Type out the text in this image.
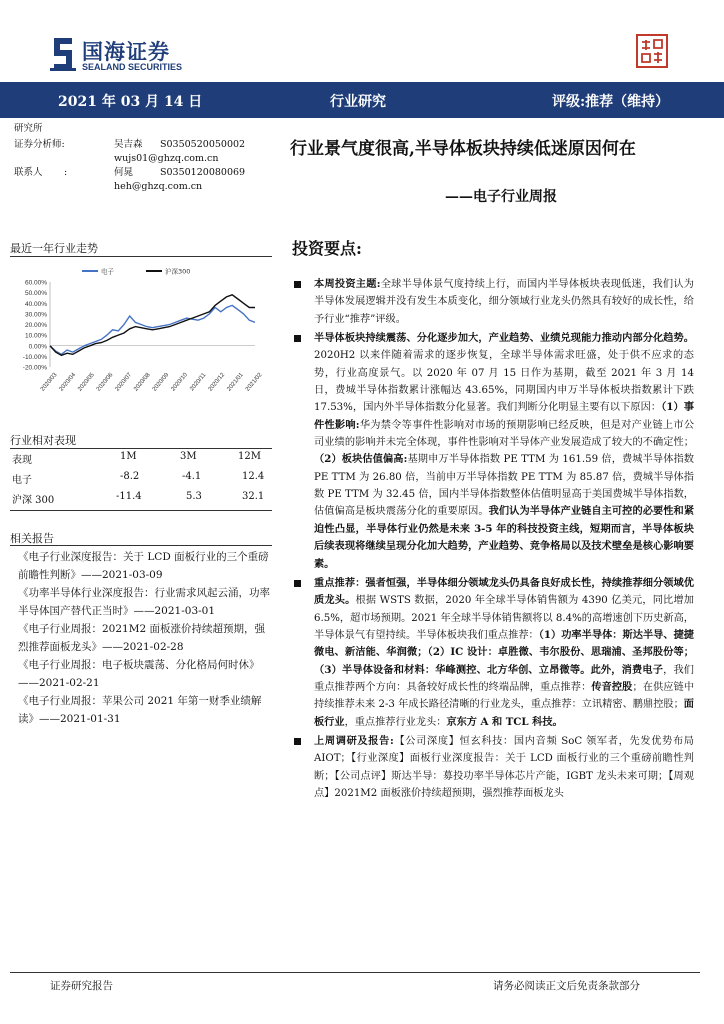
国海证券
SEALAND SECURITIES
2021 年 03 月 14 日	行业研究	评级:推荐（维持）
研究所
证券分析师:	吴吉森 S0350520050002
wujs01@ghzq.com.cn
联系人 :	何晁	S0350120080069
heh@ghzq.com.cn
行业景气度很高,半导体板块持续低迷原因何在
——电子行业周报
最近一年行业走势
电子	沪深300
60.00%
50.00%
40.00%
30.00%
20.00%
10.00%
0.00%
-10.00%
-20.00%
2020/03 2020/04 2020/05 2020/06 2020/07 2020/08 2020/09 2020/10 2020/11 2020/12 2021/01 2021/02
行业相对表现
表现	1M	3M	12M
电子	-8.2	-4.1	12.4
沪深 300	-11.4	5.3	32.1
相关报告

《电子行业深度报告：关于 LCD 面板行业的三个重磅前瞻性判断》——2021-03-09

《功率半导体行业深度报告：行业需求风起云涌，功率半导体国产替代正当时》——2021-03-01

《电子行业周报：2021M2 面板涨价持续超预期，强烈推荐面板龙头》——2021-02-28

《电子行业周报：电子板块震荡、分化格局何时休》——2021-02-21

《电子行业周报：苹果公司 2021 年第一财季业绩解读》——2021-01-31

投资要点:
本周投资主题:全球半导体景气度持续上行，而国内半导体板块表现低迷，我们认为半导体发展逻辑并没有发生本质变化，细分领域行业龙头仍然具有较好的成长性，给予行业“推荐”评级。
半导体板块持续震荡、分化逐步加大，产业趋势、业绩兑现能力推动内部分化趋势。2020H2 以来伴随着需求的逐步恢复，全球半导体需求旺盛，处于供不应求的态势，行业高度景气。以 2020 年 07 月 15 日作为基期，截至 2021 年 3 月 14 日，费城半导体指数累计涨幅达 43.65%，同期国内申万半导体板块指数累计下跌 17.53%，国内外半导体指数分化显著。我们判断分化明显主要有以下原因：（1）事件性影响:华为禁令等事件性影响对市场的预期影响已经反映，但是对产业链上市公司业绩的影响并未完全体现，事件性影响对半导体产业发展造成了较大的不确定性；（2）板块估值偏高:基期申万半导体指数 PE TTM 为 161.59 倍，费城半导体指数 PE TTM 为 26.80 倍，当前申万半导体指数 PE TTM 为 85.87 倍，费城半导体指数 PE TTM 为 32.45 倍，国内半导体指数整体估值明显高于美国费城半导体指数，估值偏高是板块震荡分化的重要原因。我们认为半导体产业链自主可控的必要性和紧迫性凸显，半导体行业仍然是未来 3-5 年的科技投资主线，短期而言，半导体板块后续表现将继续呈现分化加大趋势，产业趋势、竞争格局以及技术壁垒是核心影响要素。
重点推荐：强者恒强，半导体细分领域龙头仍具备良好成长性，持续推荐细分领域优质龙头。根据 WSTS 数据，2020 年全球半导体销售额为 4390 亿美元，同比增加 6.5%，超市场预期。2021 年全球半导体销售额将以 8.4%的高增速创下历史新高，半导体景气有望持续。半导体板块我们重点推荐：（1）功率半导体：斯达半导、捷捷微电、新洁能、华润微；（2）IC 设计：卓胜微、韦尔股份、思瑞浦、圣邦股份等；（3）半导体设备和材料：华峰测控、北方华创、立昂微等。此外，消费电子，我们重点推荐两个方向：具备较好成长性的终端品牌，重点推荐：传音控股；在供应链中持续推荐未来 2-3 年成长路径清晰的行业龙头，重点推荐：立讯精密、鹏鼎控股；面板行业，重点推荐行业龙头：京东方 A 和 TCL 科技。
上周调研及报告:【公司深度】恒玄科技：国内音频 SoC 领军者，先发优势布局 AIOT；【行业深度】面板行业深度报告：关于 LCD 面板行业的三个重磅前瞻性判断；【公司点评】斯达半导：募投功率半导体芯片产能，IGBT 龙头未来可期；【周观点】2021M2 面板涨价持续超预期，强烈推荐面板龙头
证券研究报告	请务必阅读正文后免责条款部分
